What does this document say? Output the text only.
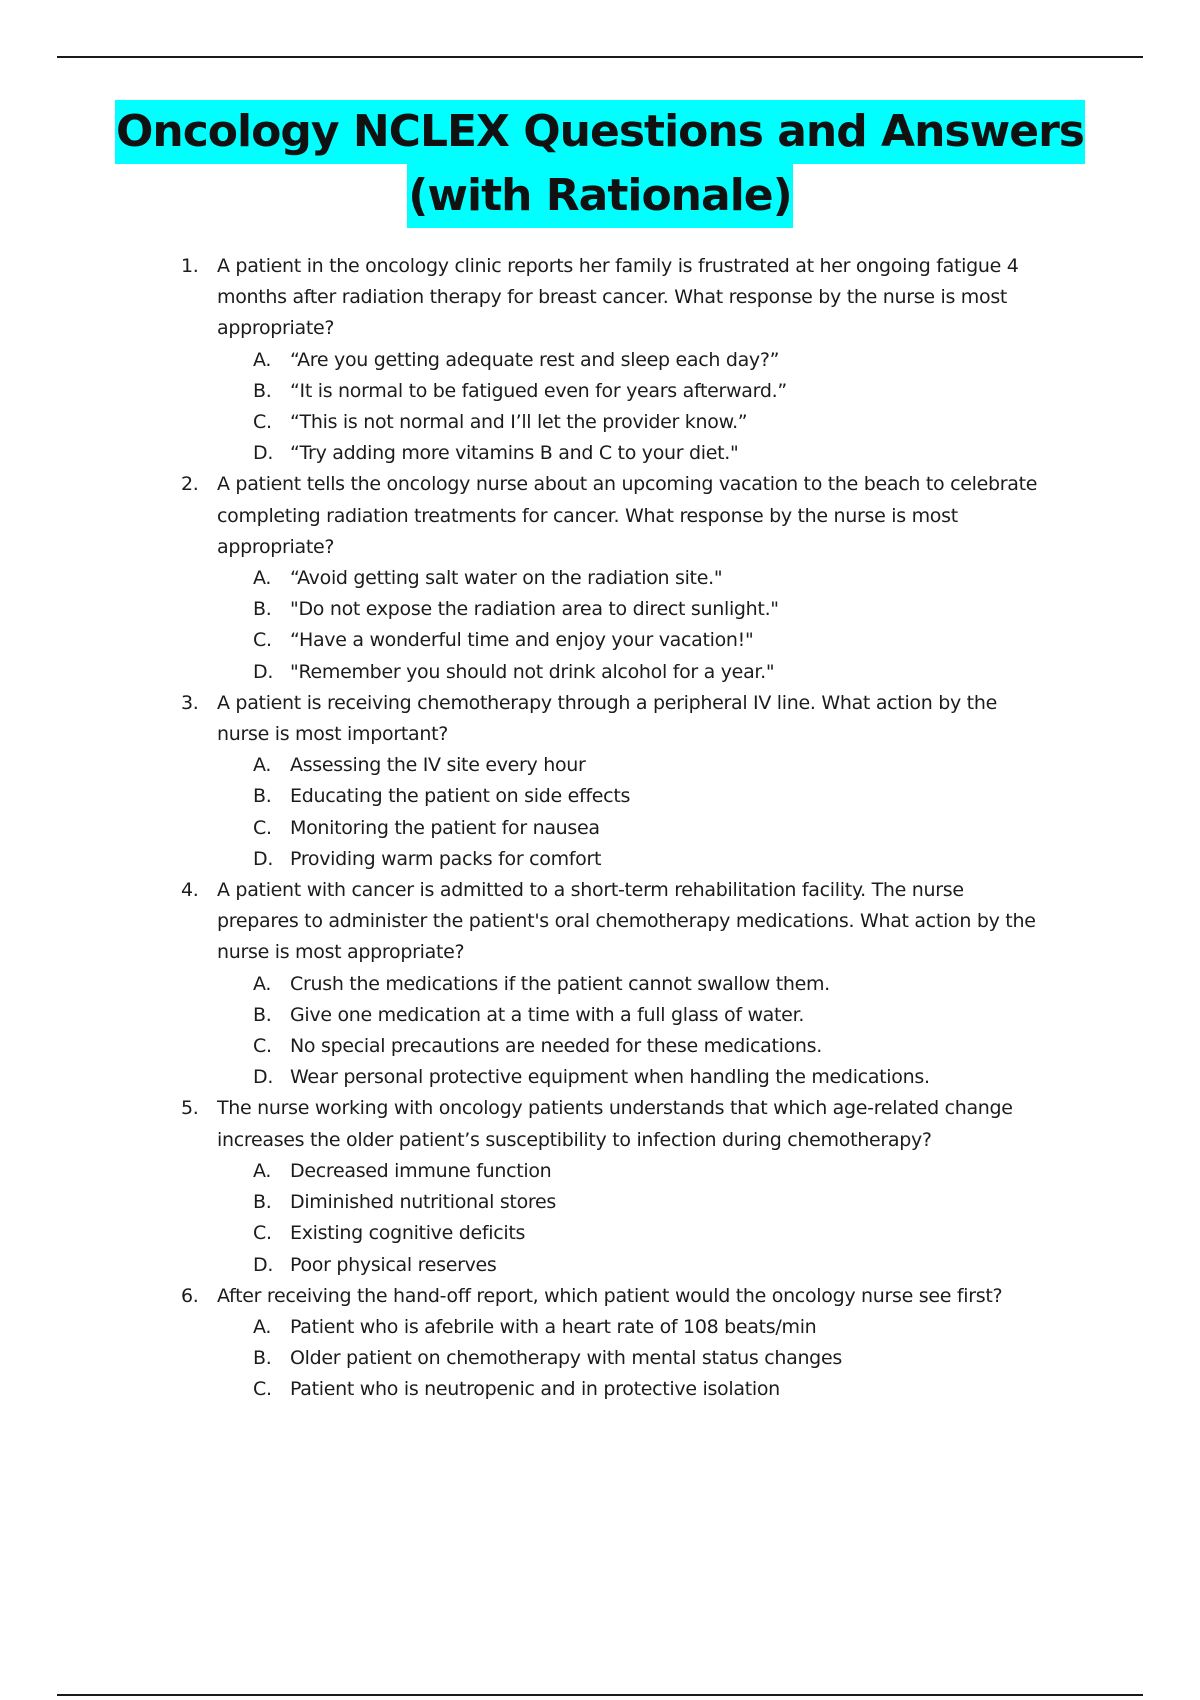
Oncology NCLEX Questions and Answers
(with Rationale)
1. A patient in the oncology clinic reports her family is frustrated at her ongoing fatigue 4 months after radiation therapy for breast cancer. What response by the nurse is most appropriate?
A. “Are you getting adequate rest and sleep each day?”
B. “It is normal to be fatigued even for years afterward.”
C. “This is not normal and I’ll let the provider know.”
D. “Try adding more vitamins B and C to your diet."
2. A patient tells the oncology nurse about an upcoming vacation to the beach to celebrate completing radiation treatments for cancer. What response by the nurse is most appropriate?
A. “Avoid getting salt water on the radiation site."
B. "Do not expose the radiation area to direct sunlight."
C. “Have a wonderful time and enjoy your vacation!"
D. "Remember you should not drink alcohol for a year."
3. A patient is receiving chemotherapy through a peripheral IV line. What action by the nurse is most important?
A. Assessing the IV site every hour
B. Educating the patient on side effects
C. Monitoring the patient for nausea
D. Providing warm packs for comfort
4. A patient with cancer is admitted to a short-term rehabilitation facility. The nurse prepares to administer the patient's oral chemotherapy medications. What action by the nurse is most appropriate?
A. Crush the medications if the patient cannot swallow them.
B. Give one medication at a time with a full glass of water.
C. No special precautions are needed for these medications.
D. Wear personal protective equipment when handling the medications.
5. The nurse working with oncology patients understands that which age-related change increases the older patient’s susceptibility to infection during chemotherapy?
A. Decreased immune function
B. Diminished nutritional stores
C. Existing cognitive deficits
D. Poor physical reserves
6. After receiving the hand-off report, which patient would the oncology nurse see first?
A. Patient who is afebrile with a heart rate of 108 beats/min
B. Older patient on chemotherapy with mental status changes
C. Patient who is neutropenic and in protective isolation
